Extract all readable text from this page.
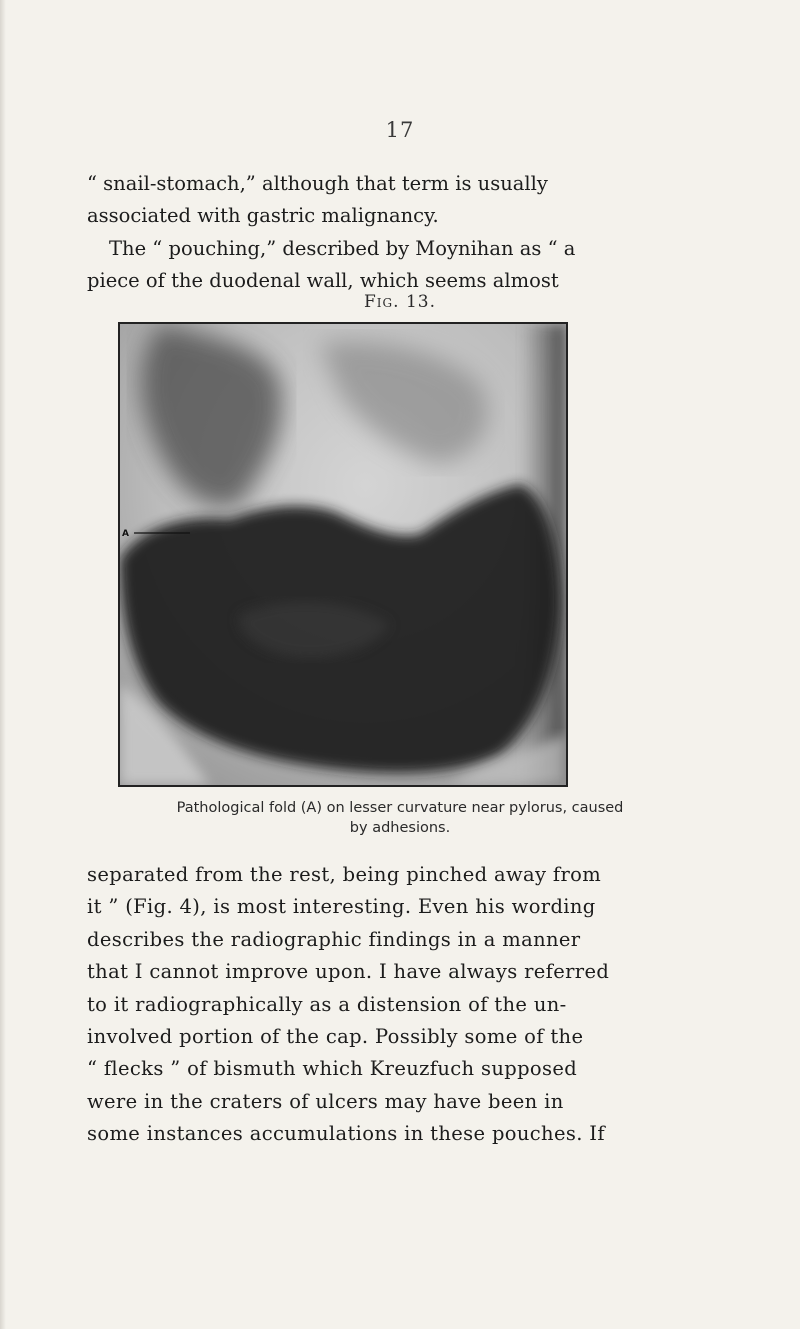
17
“ snail-stomach,” although that term is usually
associated with gastric malignancy.
The “ pouching,” described by Moynihan as “ a
piece of the duodenal wall, which seems almost
Fig. 13.
A
Pathological fold (A) on lesser curvature near pylorus, caused
by adhesions.
separated from the rest, being pinched away from
it ” (Fig. 4), is most interesting. Even his wording
describes the radiographic findings in a manner
that I cannot improve upon. I have always referred
to it radiographically as a distension of the un-
involved portion of the cap. Possibly some of the
“ flecks ” of bismuth which Kreuzfuch supposed
were in the craters of ulcers may have been in
some instances accumulations in these pouches. If
